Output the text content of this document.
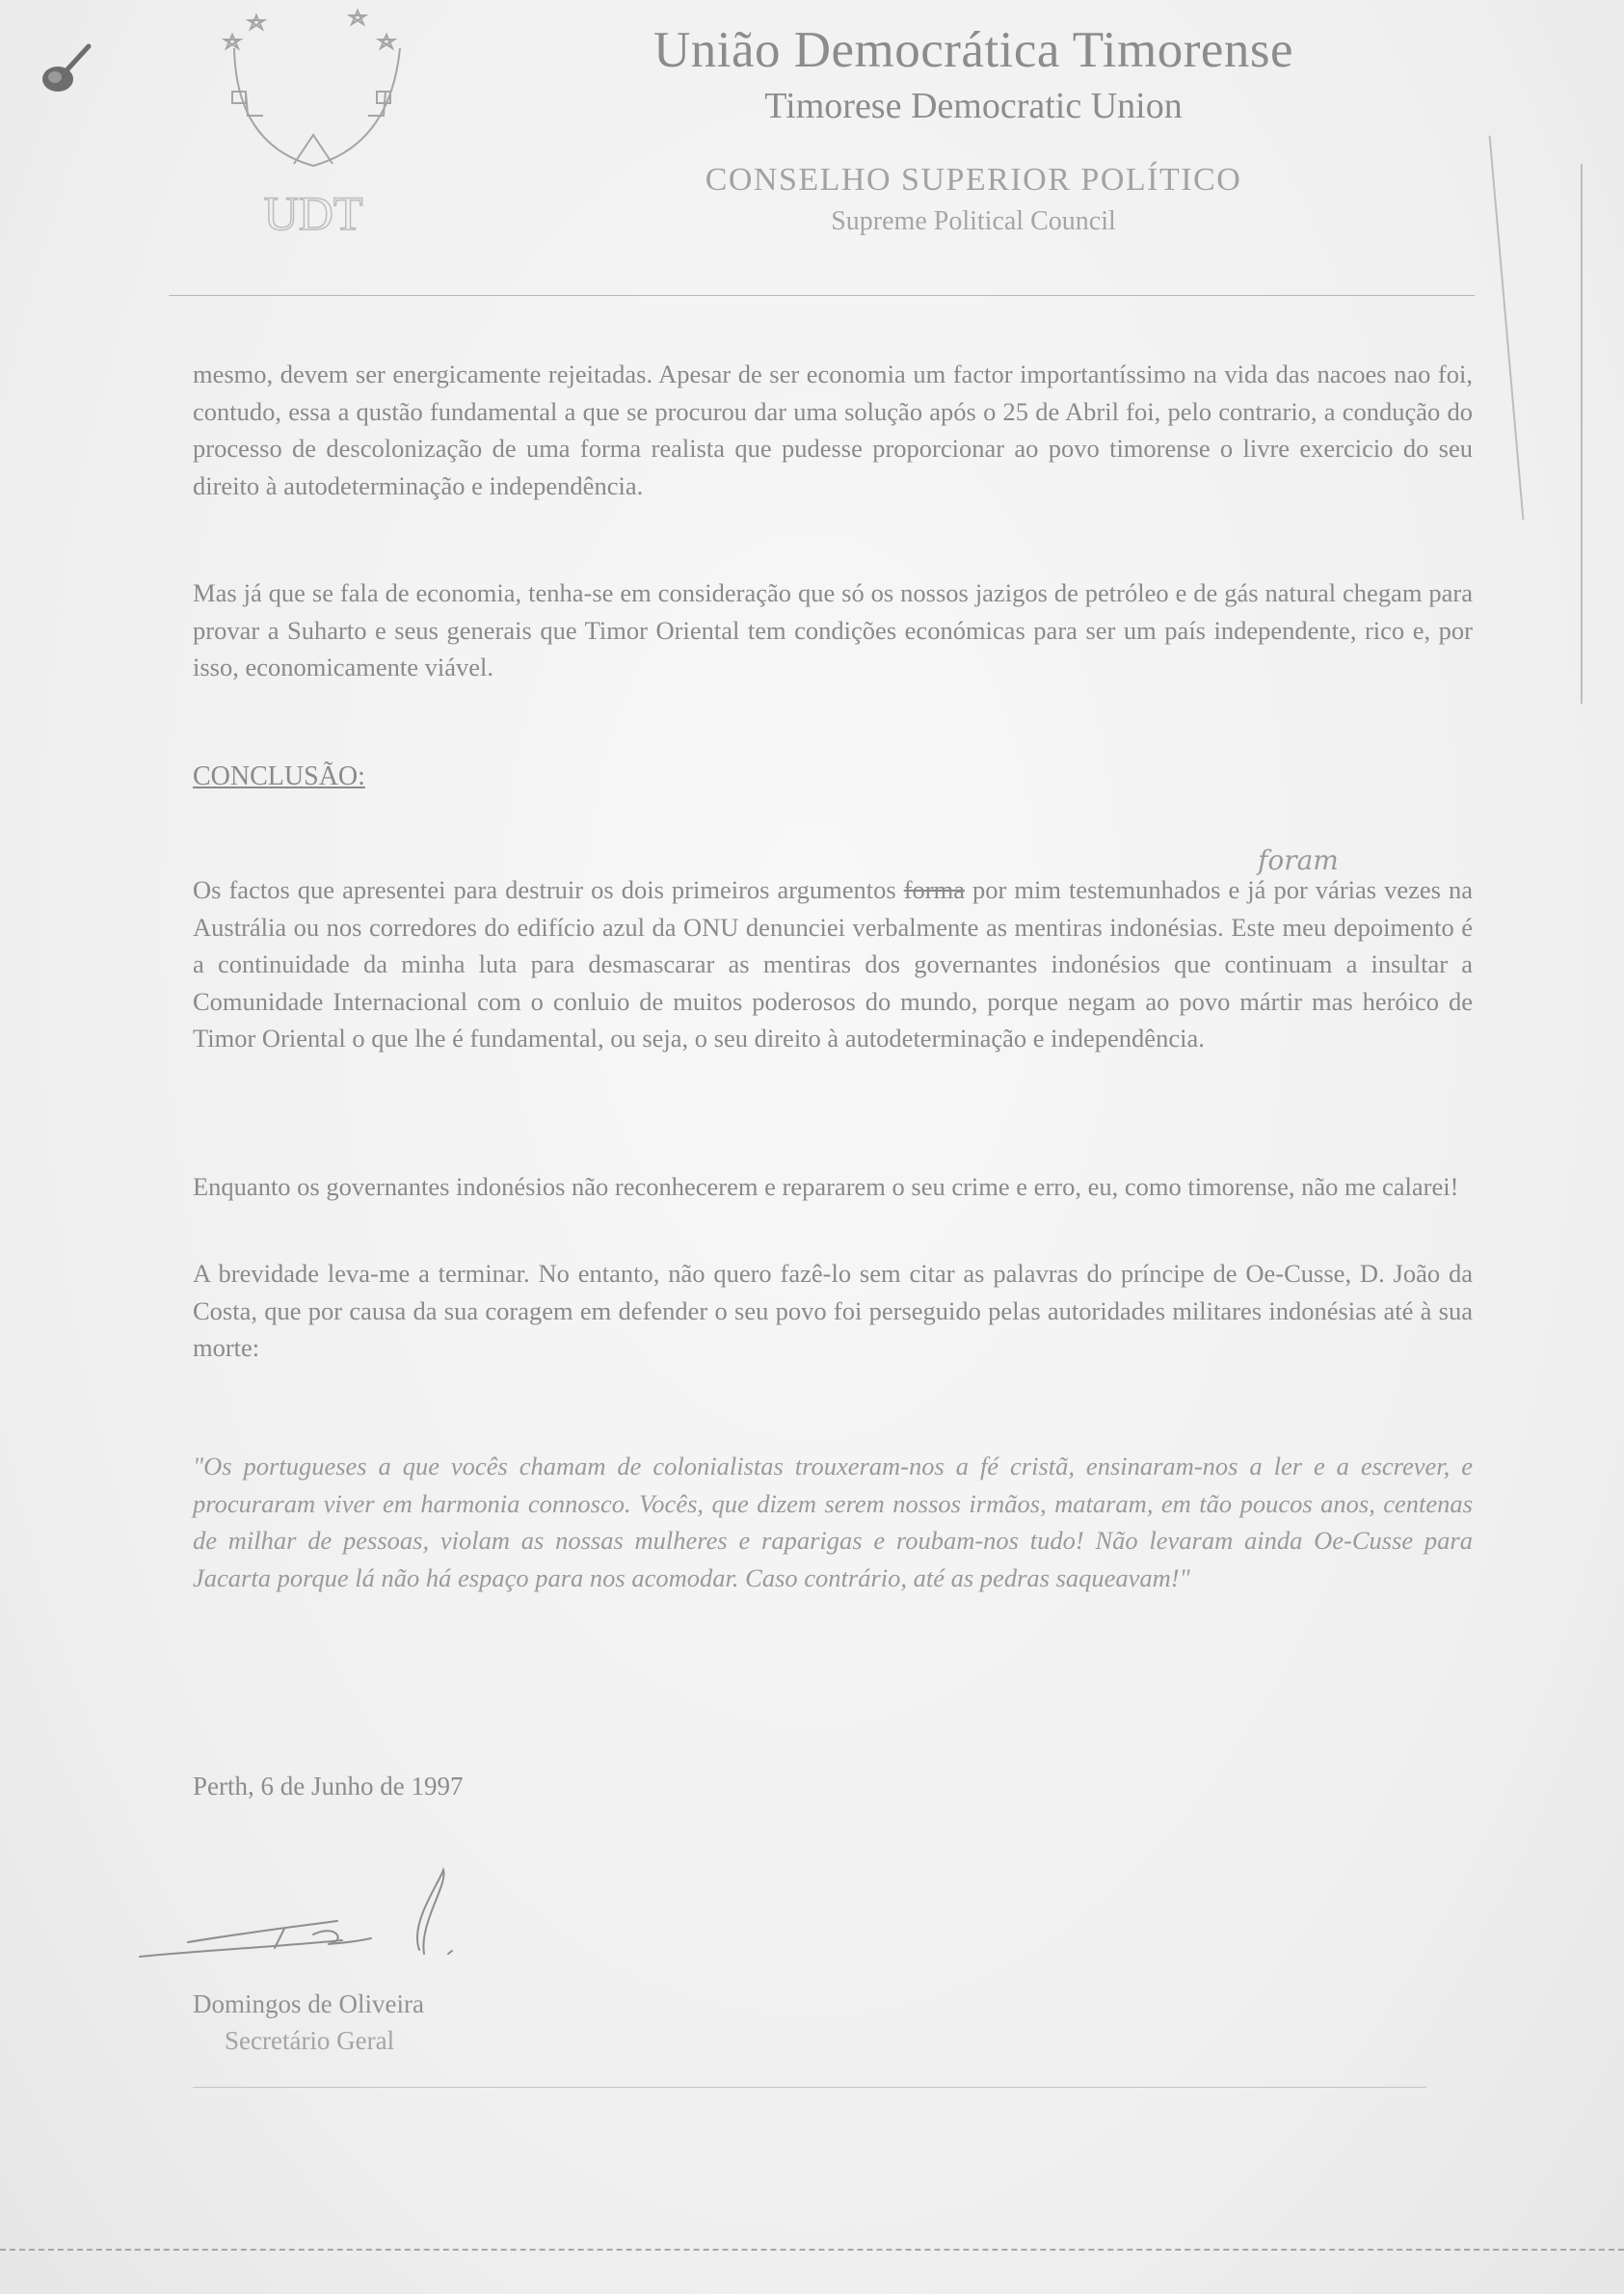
UDT
União Democrática Timorense
Timorese Democratic Union
CONSELHO SUPERIOR POLÍTICO
Supreme Political Council

mesmo, devem ser energicamente rejeitadas. Apesar de ser economia um factor importantíssimo na vida das nacoes nao foi, contudo, essa a qustão fundamental a que se procurou dar uma solução após o 25 de Abril foi, pelo contrario, a condução do processo de descolonização de uma forma realista que pudesse proporcionar ao povo timorense o livre exercicio do seu direito à autodeterminação e independência.

Mas já que se fala de economia, tenha-se em consideração que só os nossos jazigos de petróleo e de gás natural chegam para provar a Suharto e seus generais que Timor Oriental tem condições económicas para ser um país independente, rico e, por isso, economicamente viável.

CONCLUSÃO:
foram

Os factos que apresentei para destruir os dois primeiros argumentos forma por mim testemunhados e já por várias vezes na Austrália ou nos corredores do edifício azul da ONU denunciei verbalmente as mentiras indonésias. Este meu depoimento é a continuidade da minha luta para desmascarar as mentiras dos governantes indonésios que continuam a insultar a Comunidade Internacional com o conluio de muitos poderosos do mundo, porque negam ao povo mártir mas heróico de Timor Oriental o que lhe é fundamental, ou seja, o seu direito à autodeterminação e independência.

Enquanto os governantes indonésios não reconhecerem e repararem o seu crime e erro, eu, como timorense, não me calarei!

A brevidade leva-me a terminar. No entanto, não quero fazê-lo sem citar as palavras do príncipe de Oe-Cusse, D. João da Costa, que por causa da sua coragem em defender o seu povo foi perseguido pelas autoridades militares indonésias até à sua morte:

"Os portugueses a que vocês chamam de colonialistas trouxeram-nos a fé cristã, ensinaram-nos a ler e a escrever, e procuraram viver em harmonia connosco. Vocês, que dizem serem nossos irmãos, mataram, em tão poucos anos, centenas de milhar de pessoas, violam as nossas mulheres e raparigas e roubam-nos tudo! Não levaram ainda Oe-Cusse para Jacarta porque lá não há espaço para nos acomodar. Caso contrário, até as pedras saqueavam!"

Perth, 6 de Junho de 1997
Domingos de Oliveira
Secretário Geral
